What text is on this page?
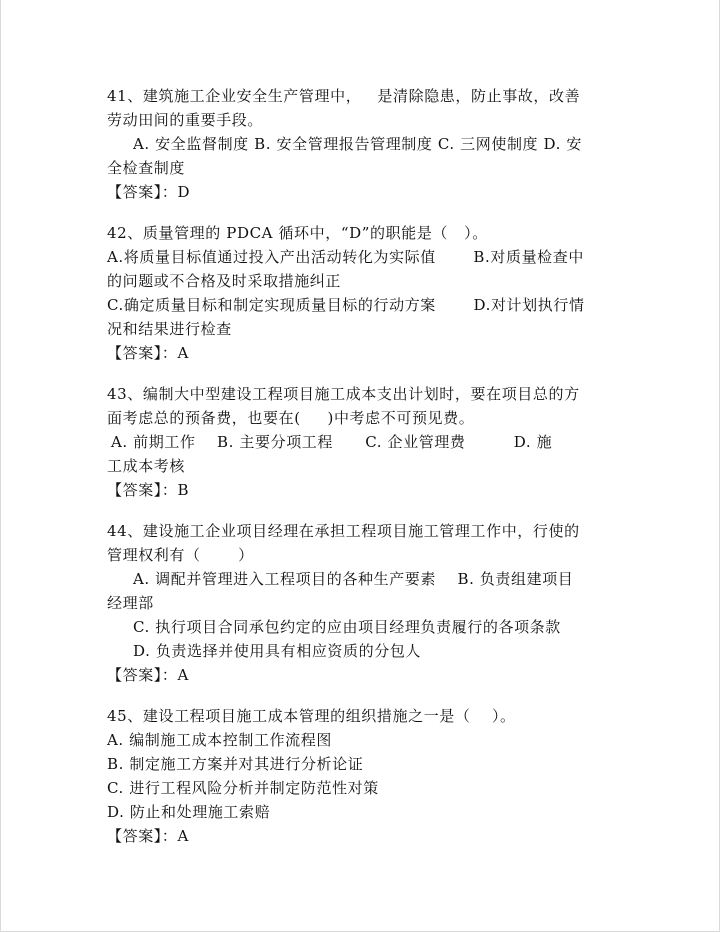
41、建筑施工企业安全生产管理中，   是清除隐患，防止事故，改善
劳动田间的重要手段。
A. 安全监督制度 B. 安全管理报告管理制度 C. 三网使制度 D. 安
全检查制度
【答案】：D
42、质量管理的 PDCA 循环中，“D”的职能是（   ）。
A.将质量目标值通过投入产出活动转化为实际值       B.对质量检查中
的问题或不合格及时采取措施纠正
C.确定质量目标和制定实现质量目标的行动方案       D.对计划执行情
况和结果进行检查
【答案】：A
43、编制大中型建设工程项目施工成本支出计划时，要在项目总的方
面考虑总的预备费，也要在(     )中考虑不可预见费。
A. 前期工作    B. 主要分项工程      C. 企业管理费         D. 施
工成本考核
【答案】：B
44、建设施工企业项目经理在承担工程项目施工管理工作中，行使的
管理权利有（       ）
A. 调配并管理进入工程项目的各种生产要素    B. 负责组建项目
经理部
C. 执行项目合同承包约定的应由项目经理负责履行的各项条款
D. 负责选择并使用具有相应资质的分包人
【答案】：A
45、建设工程项目施工成本管理的组织措施之一是（    ）。
A. 编制施工成本控制工作流程图
B. 制定施工方案并对其进行分析论证
C. 进行工程风险分析并制定防范性对策
D. 防止和处理施工索赔
【答案】：A
